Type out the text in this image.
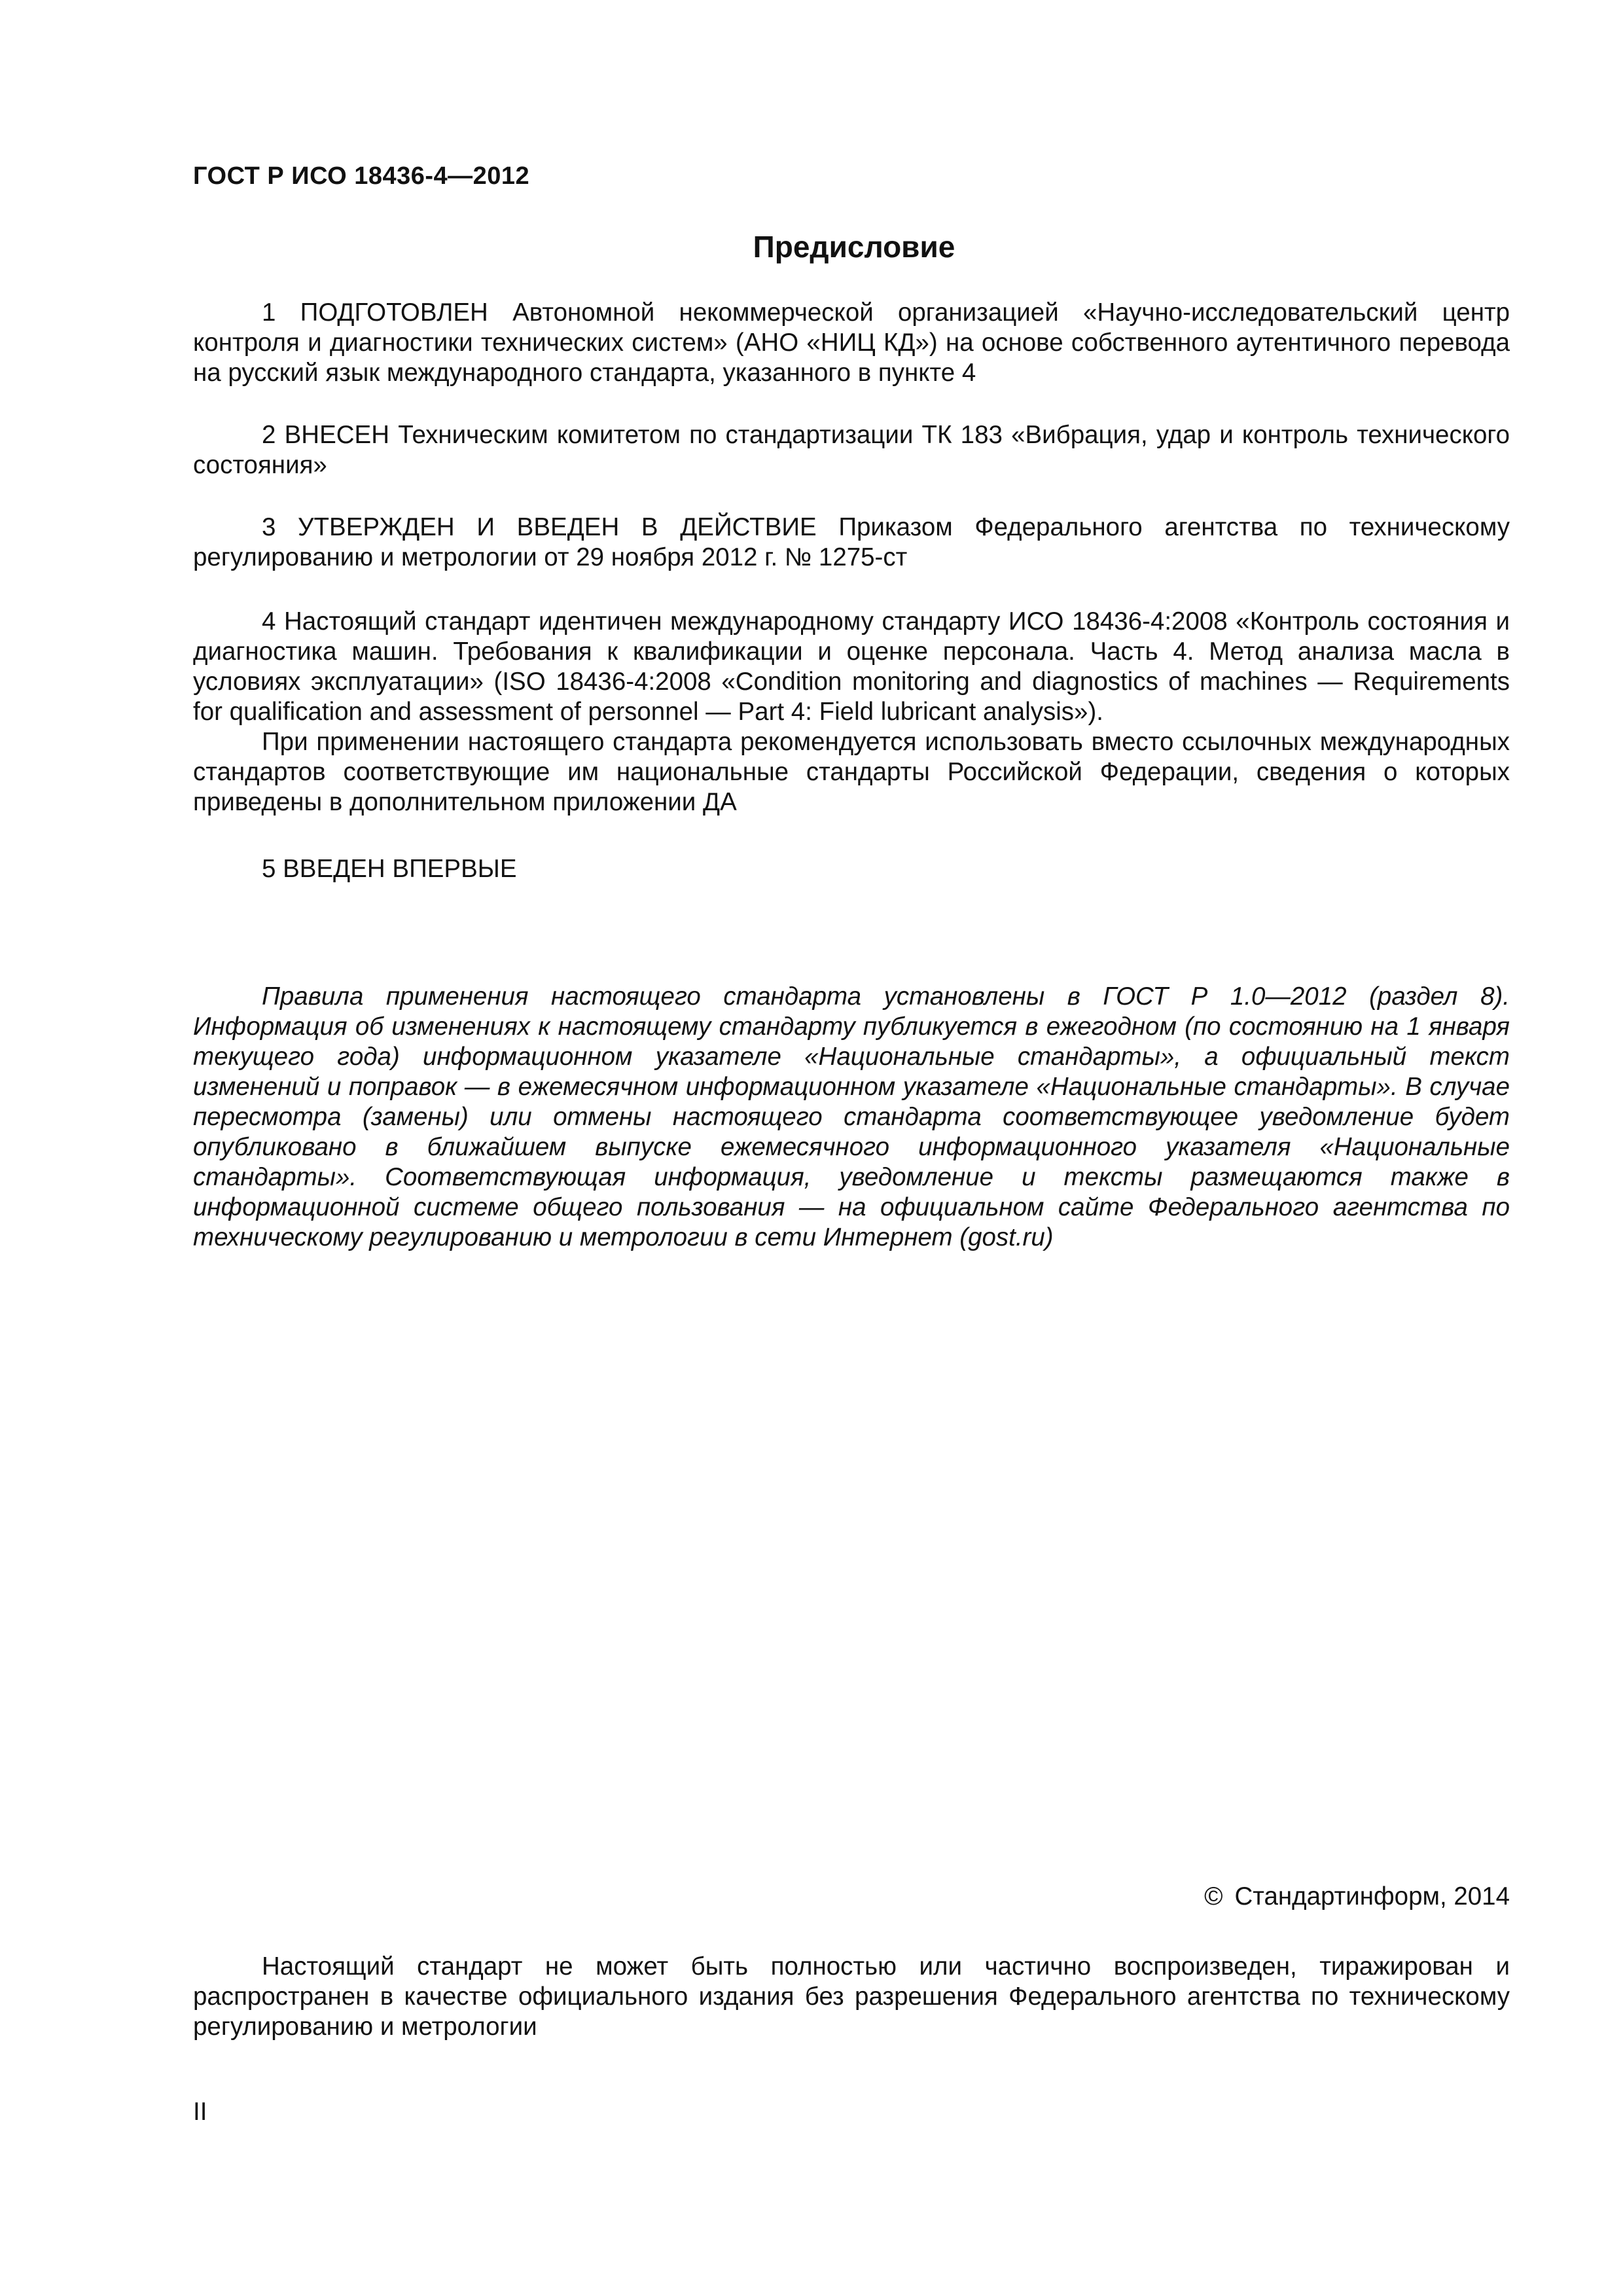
ГОСТ Р ИСО 18436-4—2012
Предисловие

1 ПОДГОТОВЛЕН Автономной некоммерческой организацией «Научно-исследовательский центр контроля и диагностики технических систем» (АНО «НИЦ КД») на основе собственного аутентичного перевода на русский язык международного стандарта, указанного в пункте 4

2 ВНЕСЕН Техническим комитетом по стандартизации ТК 183 «Вибрация, удар и контроль технического состояния»

3 УТВЕРЖДЕН И ВВЕДЕН В ДЕЙСТВИЕ Приказом Федерального агентства по техническому регулированию и метрологии от 29 ноября 2012 г. № 1275-ст

4 Настоящий стандарт идентичен международному стандарту ИСО 18436-4:2008 «Контроль состояния и диагностика машин. Требования к квалификации и оценке персонала. Часть 4. Метод анализа масла в условиях эксплуатации» (ISO 18436-4:2008 «Condition monitoring and diagnostics of machines — Requirements for qualification and assessment of personnel — Part 4: Field lubricant analysis»).

При применении настоящего стандарта рекомендуется использовать вместо ссылочных международных стандартов соответствующие им национальные стандарты Российской Федерации, сведения о которых приведены в дополнительном приложении ДА

5 ВВЕДЕН ВПЕРВЫЕ

Правила применения настоящего стандарта установлены в ГОСТ Р 1.0—2012 (раздел 8). Информация об изменениях к настоящему стандарту публикуется в ежегодном (по состоянию на 1 января текущего года) информационном указателе «Национальные стандарты», а официальный текст изменений и поправок — в ежемесячном информационном указателе «Национальные стандарты». В случае пересмотра (замены) или отмены настоящего стандарта соответствующее уведомление будет опубликовано в ближайшем выпуске ежемесячного информационного указателя «Национальные стандарты». Соответствующая информация, уведомление и тексты размещаются также в информационной системе общего пользования — на официальном сайте Федерального агентства по техническому регулированию и метрологии в сети Интернет (gost.ru)

© Стандартинформ, 2014

Настоящий стандарт не может быть полностью или частично воспроизведен, тиражирован и распространен в качестве официального издания без разрешения Федерального агентства по техническому регулированию и метрологии

II
